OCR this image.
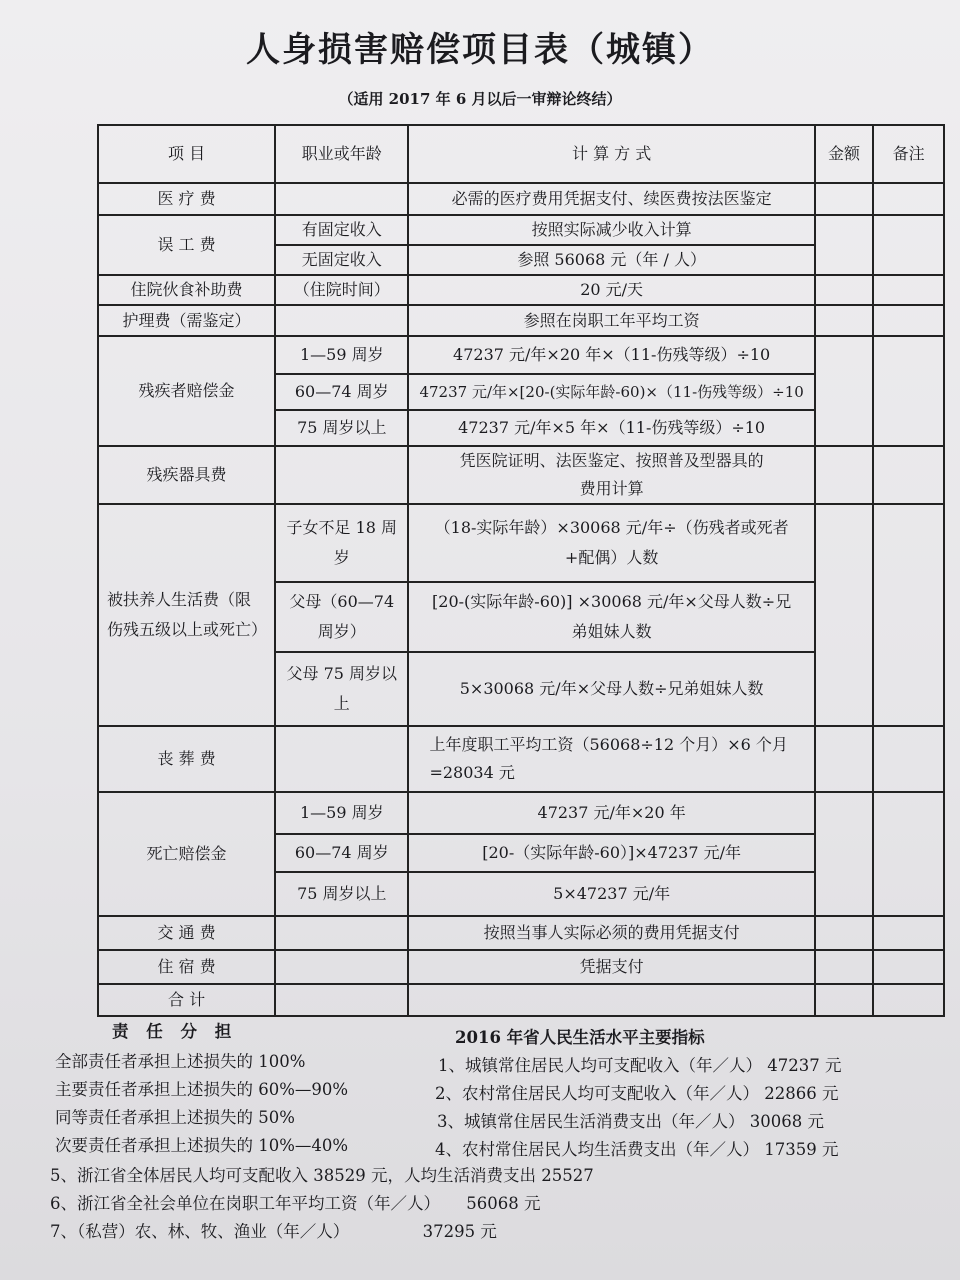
人身损害赔偿项目表（城镇）
（适用 2017 年 6 月以后一审辩论终结）
项 目	职业或年龄	计 算 方 式	金额	备注
医 疗 费		必需的医疗费用凭据支付、续医费按法医鉴定		
误 工 费	有固定收入	按照实际减少收入计算		
	无固定收入	参照 56068 元（年 / 人）		
住院伙食补助费	（住院时间）	20 元/天		
护理费（需鉴定）		参照在岗职工年平均工资		
残疾者赔偿金	1—59 周岁	47237 元/年×20 年×（11-伤残等级）÷10		
	60—74 周岁	47237 元/年×[20-(实际年龄-60)×（11-伤残等级）÷10		
	75 周岁以上	47237 元/年×5 年×（11-伤残等级）÷10		
残疾器具费		凭医院证明、法医鉴定、按照普及型器具的费用计算		
被扶养人生活费（限伤残五级以上或死亡）	子女不足 18 周岁	（18-实际年龄）×30068 元/年÷（伤残者或死者+配偶）人数		
	父母（60—74 周岁）	[20-(实际年龄-60)] ×30068 元/年×父母人数÷兄弟姐妹人数		
	父母 75 周岁以上	5×30068 元/年×父母人数÷兄弟姐妹人数		
丧 葬 费		上年度职工平均工资（56068÷12 个月）×6 个月 =28034 元		
死亡赔偿金	1—59 周岁	47237 元/年×20 年		
	60—74 周岁	[20-（实际年龄-60）]×47237 元/年		
	75 周岁以上	5×47237 元/年		
交 通 费		按照当事人实际必须的费用凭据支付		
住 宿 费		凭据支付		
合 计				
责 任 分 担
全部责任者承担上述损失的 100%
主要责任者承担上述损失的 60%—90%
同等责任者承担上述损失的 50%
次要责任者承担上述损失的 10%—40%
2016 年省人民生活水平主要指标
1、城镇常住居民人均可支配收入（年／人） 47237 元
2、农村常住居民人均可支配收入（年／人） 22866 元
3、城镇常住居民生活消费支出（年／人） 30068 元
4、农村常住居民人均生活费支出（年／人） 17359 元
5、浙江省全体居民人均可支配收入 38529 元，人均生活消费支出 25527
6、浙江省全社会单位在岗职工年平均工资（年／人）     56068 元
7、（私营）农、林、牧、渔业（年／人）              37295 元
